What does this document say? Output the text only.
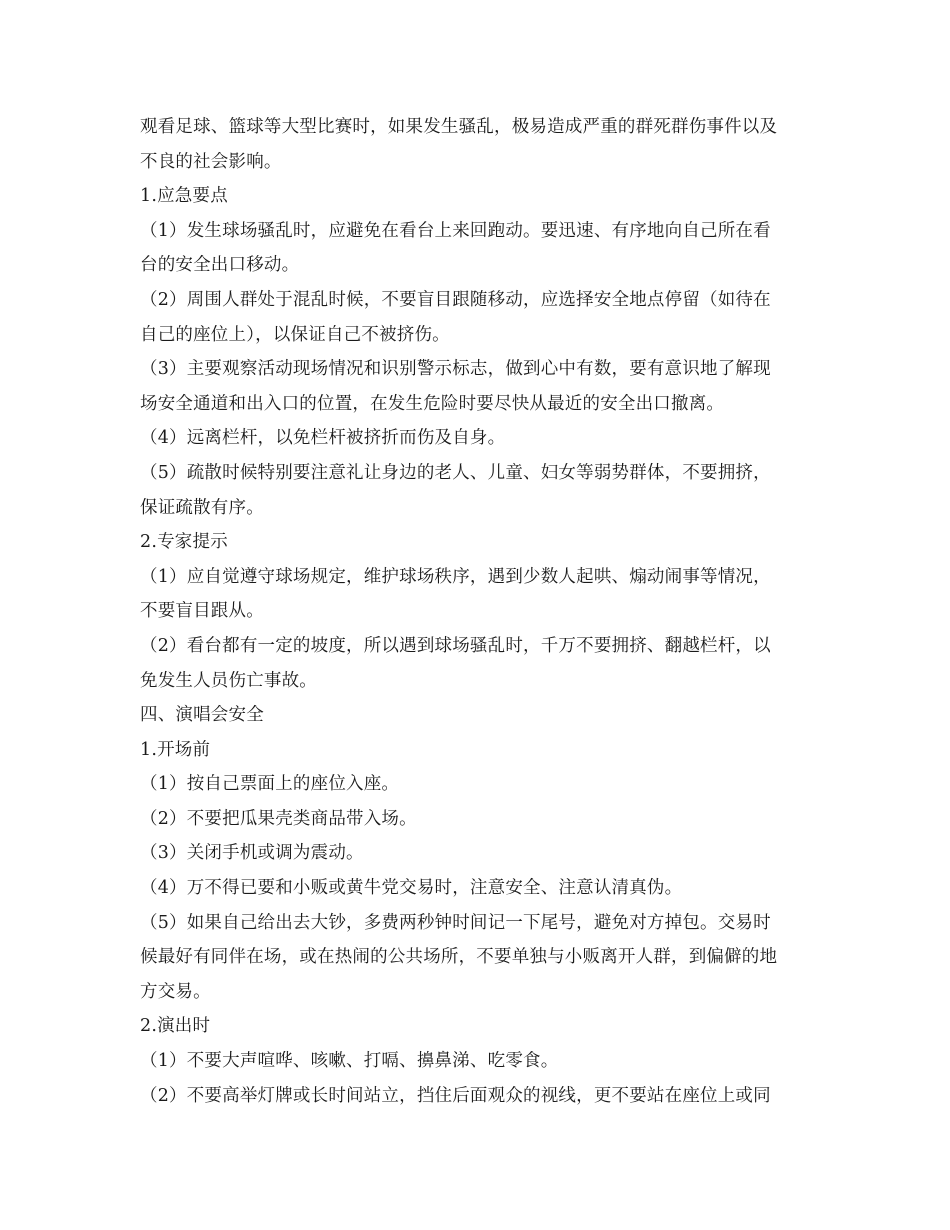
观看足球、篮球等大型比赛时，如果发生骚乱，极易造成严重的群死群伤事件以及
不良的社会影响。
1.应急要点
（1）发生球场骚乱时，应避免在看台上来回跑动。要迅速、有序地向自己所在看
台的安全出口移动。
（2）周围人群处于混乱时候，不要盲目跟随移动，应选择安全地点停留（如待在
自己的座位上），以保证自己不被挤伤。
（3）主要观察活动现场情况和识别警示标志，做到心中有数，要有意识地了解现
场安全通道和出入口的位置，在发生危险时要尽快从最近的安全出口撤离。
（4）远离栏杆，以免栏杆被挤折而伤及自身。
（5）疏散时候特别要注意礼让身边的老人、儿童、妇女等弱势群体，不要拥挤，
保证疏散有序。
2.专家提示
（1）应自觉遵守球场规定，维护球场秩序，遇到少数人起哄、煽动闹事等情况，
不要盲目跟从。
（2）看台都有一定的坡度，所以遇到球场骚乱时，千万不要拥挤、翻越栏杆，以
免发生人员伤亡事故。
四、演唱会安全
1.开场前
（1）按自己票面上的座位入座。
（2）不要把瓜果壳类商品带入场。
（3）关闭手机或调为震动。
（4）万不得已要和小贩或黄牛党交易时，注意安全、注意认清真伪。
（5）如果自己给出去大钞，多费两秒钟时间记一下尾号，避免对方掉包。交易时
候最好有同伴在场，或在热闹的公共场所，不要单独与小贩离开人群，到偏僻的地
方交易。
2.演出时
（1）不要大声喧哗、咳嗽、打嗝、擤鼻涕、吃零食。
（2）不要高举灯牌或长时间站立，挡住后面观众的视线，更不要站在座位上或同
